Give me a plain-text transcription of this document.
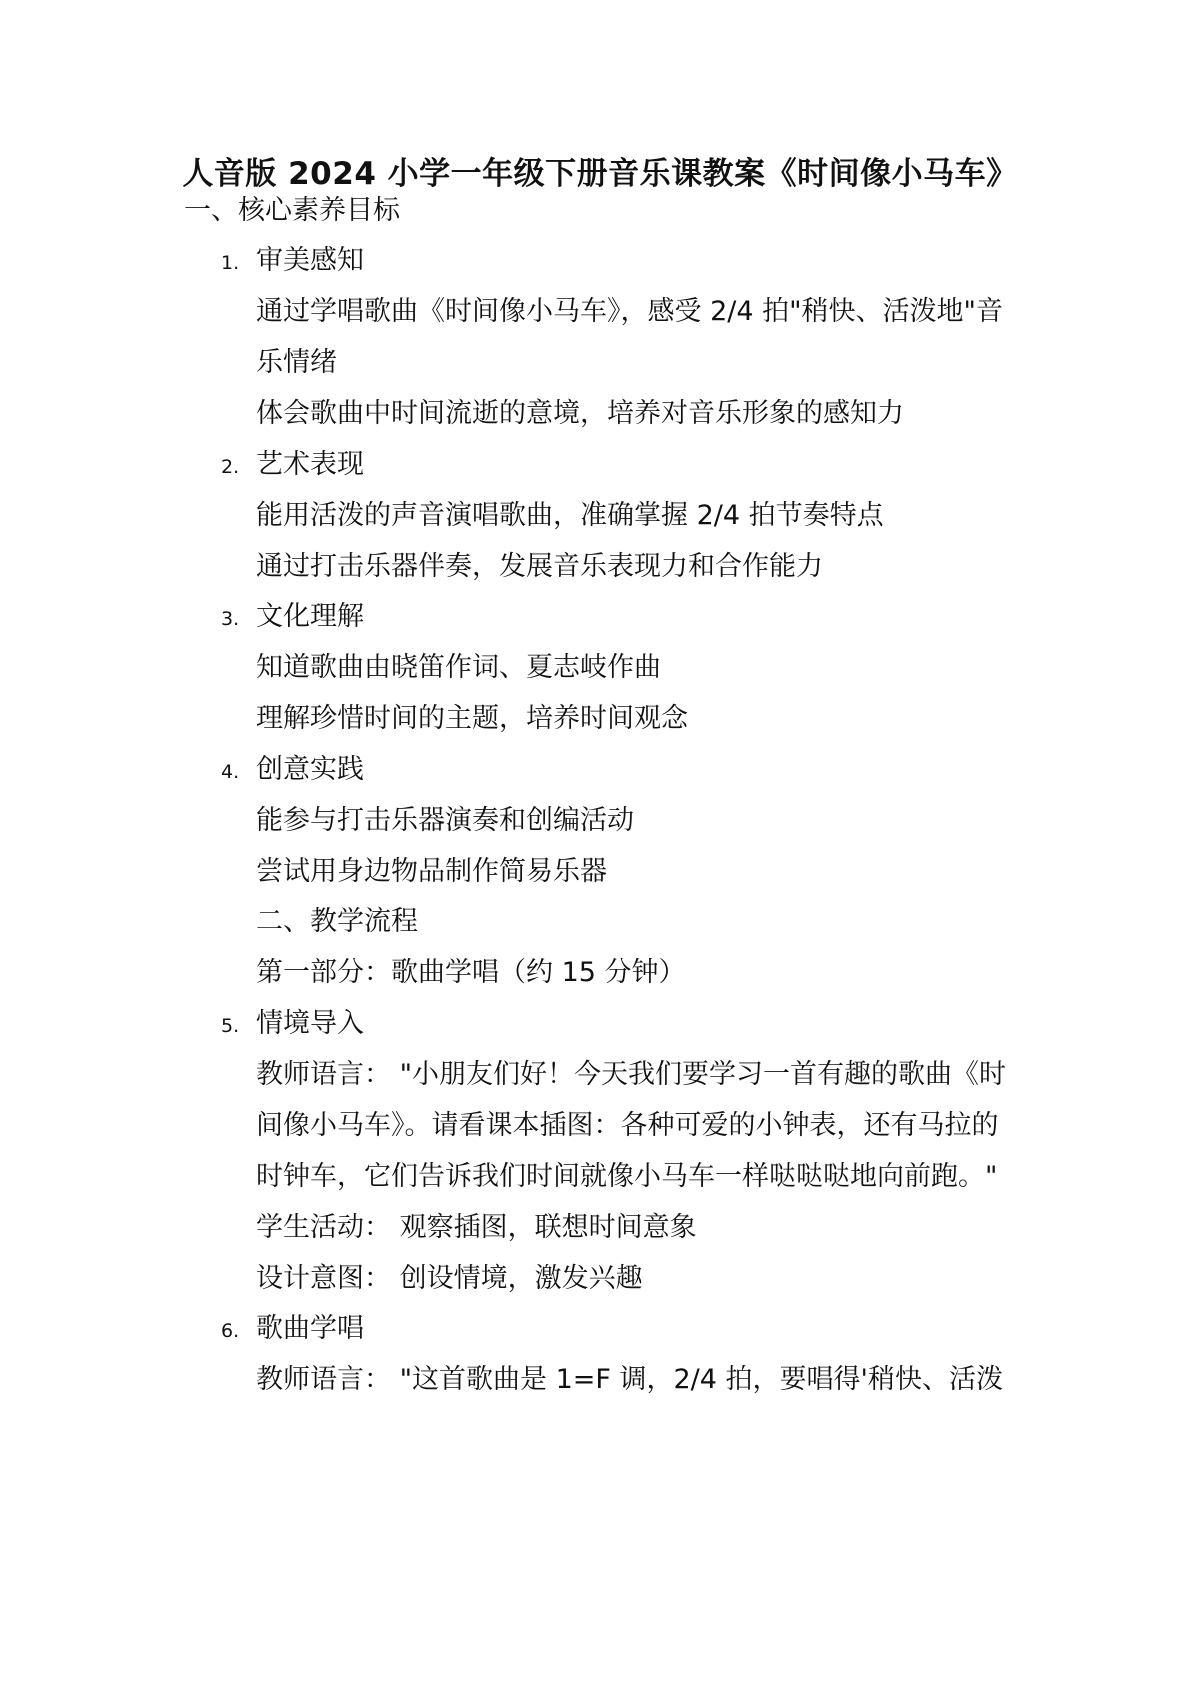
人音版 2024 小学一年级下册音乐课教案《时间像小马车》
一、核心素养目标
1. 审美感知
通过学唱歌曲《时间像小马车》，感受 2/4 拍"稍快、活泼地"音
乐情绪
体会歌曲中时间流逝的意境，培养对音乐形象的感知力
2. 艺术表现
能用活泼的声音演唱歌曲，准确掌握 2/4 拍节奏特点
通过打击乐器伴奏，发展音乐表现力和合作能力
3. 文化理解
知道歌曲由晓笛作词、夏志岐作曲
理解珍惜时间的主题，培养时间观念
4. 创意实践
能参与打击乐器演奏和创编活动
尝试用身边物品制作简易乐器
二、教学流程
第一部分：歌曲学唱（约 15 分钟）
5. 情境导入
教师语言： "小朋友们好！今天我们要学习一首有趣的歌曲《时
间像小马车》。请看课本插图：各种可爱的小钟表，还有马拉的
时钟车，它们告诉我们时间就像小马车一样哒哒哒地向前跑。"
学生活动： 观察插图，联想时间意象
设计意图： 创设情境，激发兴趣
6. 歌曲学唱
教师语言： "这首歌曲是 1=F 调，2/4 拍，要唱得'稍快、活泼
